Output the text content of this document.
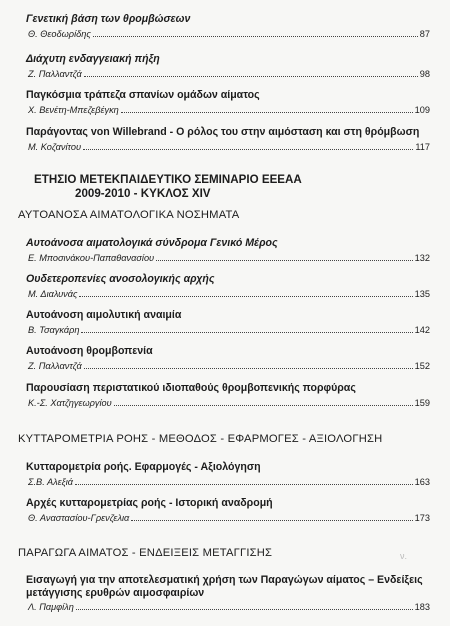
Γενετική βάση των θρομβώσεων
Θ. Θεοδωρίδης	87
Διάχυτη ενδαγγειακή πήξη
Ζ. Παλλαντζά	98
Παγκόσμια τράπεζα σπανίων ομάδων αίματος
Χ. Βενέτη-Μπεζεβέγκη	109
Παράγοντας von Willebrand - Ο ρόλος του στην αιμόσταση και στη θρόμβωση
Μ. Κοζανίτου	117
ΕΤΗΣΙΟ ΜΕΤΕΚΠΑΙΔΕΥΤΙΚΟ ΣΕΜΙΝΑΡΙΟ ΕΕΕΑΑ
2009-2010 - ΚΥΚΛΟΣ XIV
ΑΥΤΟΑΝΟΣΑ ΑΙΜΑΤΟΛΟΓΙΚΑ ΝΟΣΗΜΑΤΑ
Αυτοάνοσα αιματολογικά σύνδρομα Γενικό Μέρος
Ε. Μποσινάκου-Παπαθανασίου	132
Ουδετεροπενίες ανοσολογικής αρχής
Μ. Διαλυνάς	135
Αυτοάνοση αιμολυτική αναιμία
Β. Τσαγκάρη	142
Αυτοάνοση θρομβοπενία
Ζ. Παλλαντζά	152
Παρουσίαση περιστατικού ιδιοπαθούς θρομβοπενικής πορφύρας
Κ.-Σ. Χατζηγεωργίου	159
ΚΥΤΤΑΡΟΜΕΤΡΙΑ ΡΟΗΣ - ΜΕΘΟΔΟΣ - ΕΦΑΡΜΟΓΕΣ - ΑΞΙΟΛΟΓΗΣΗ
Κυτταρομετρία ροής. Εφαρμογές - Αξιολόγηση
Σ.Β. Αλεξιά	163
Αρχές κυτταρομετρίας ροής - Ιστορική αναδρομή
Θ. Αναστασίου-Γρενζελια	173
ΠΑΡΑΓΩΓΑ ΑΙΜΑΤΟΣ - ΕΝΔΕΙΞΕΙΣ ΜΕΤΑΓΓΙΣΗΣ	ν.
Εισαγωγή για την αποτελεσματική χρήση των Παραγώγων αίματος – Ενδείξεις μετάγγισης ερυθρών αιμοσφαιρίων
Λ. Παμφίλη	183
